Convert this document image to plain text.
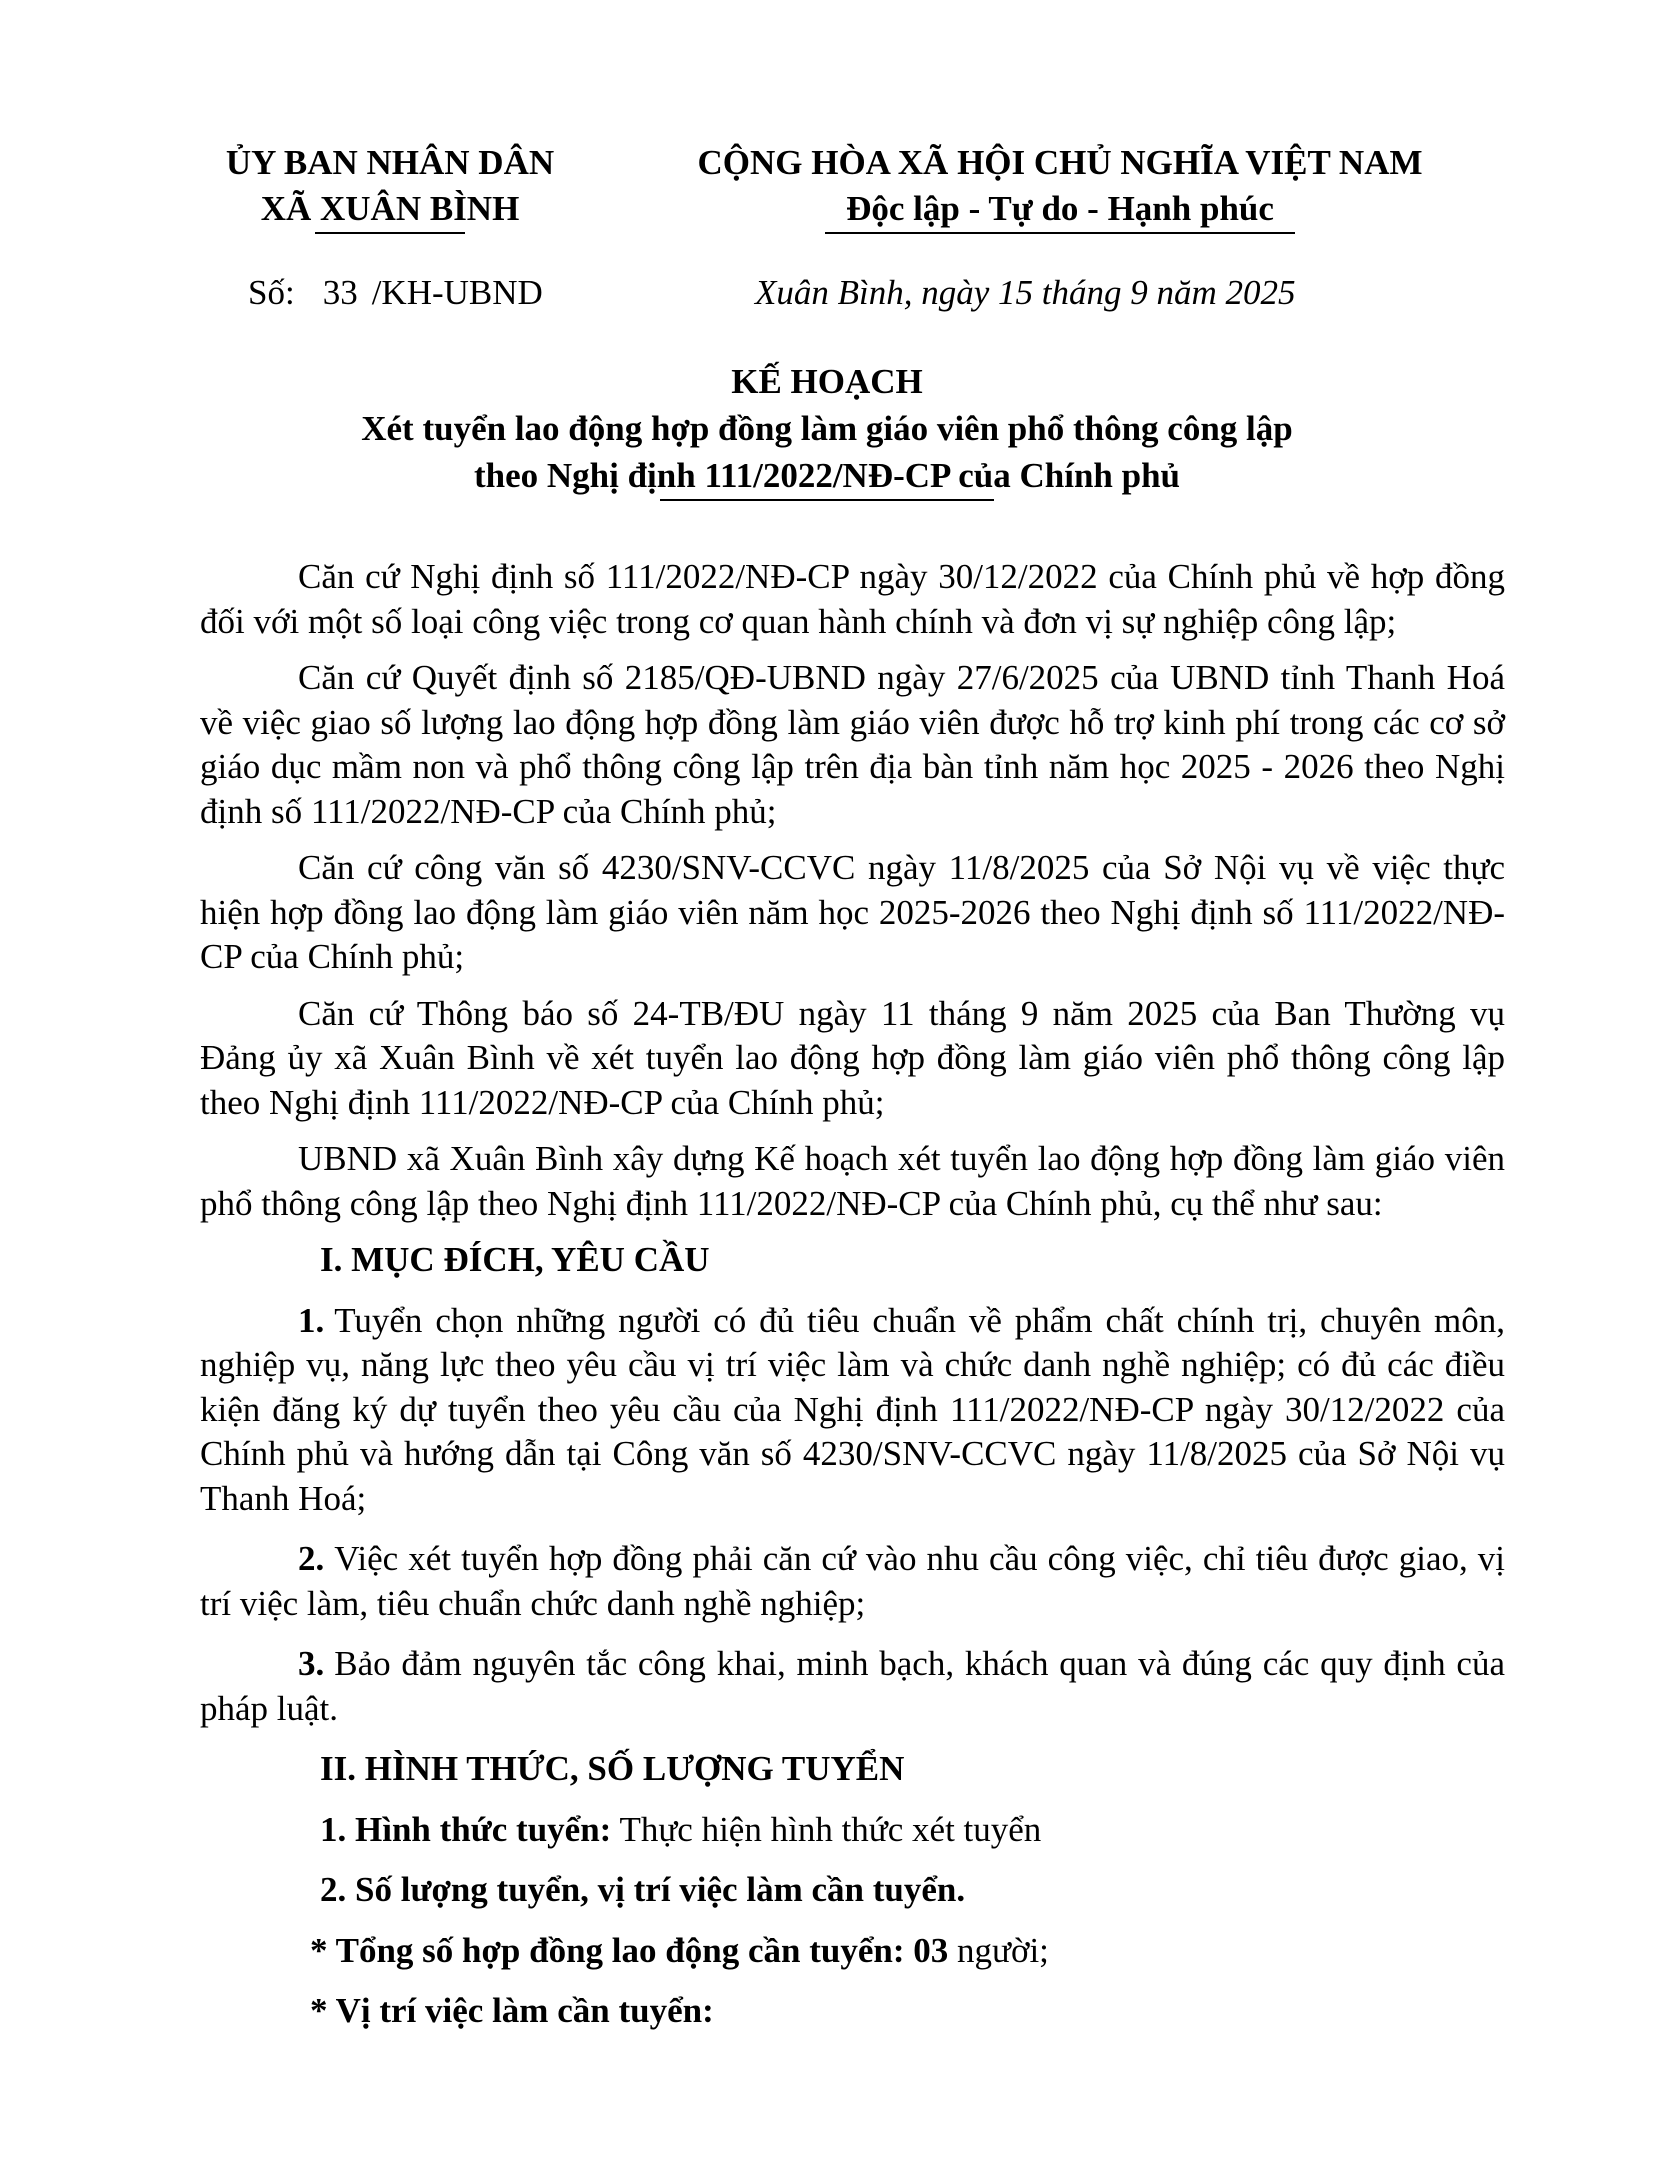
ỦY BAN NHÂN DÂN
XÃ XUÂN BÌNH
CỘNG HÒA XÃ HỘI CHỦ NGHĨA VIỆT NAM
Độc lập - Tự do - Hạnh phúc
Số: 33 /KH-UBND	Xuân Bình, ngày 15 tháng 9 năm 2025
KẾ HOẠCH
Xét tuyển lao động hợp đồng làm giáo viên phổ thông công lập
theo Nghị định 111/2022/NĐ-CP của Chính phủ

Căn cứ Nghị định số 111/2022/NĐ-CP ngày 30/12/2022 của Chính phủ về hợp đồng đối với một số loại công việc trong cơ quan hành chính và đơn vị sự nghiệp công lập;

Căn cứ Quyết định số 2185/QĐ-UBND ngày 27/6/2025 của UBND tỉnh Thanh Hoá về việc giao số lượng lao động hợp đồng làm giáo viên được hỗ trợ kinh phí trong các cơ sở giáo dục mầm non và phổ thông công lập trên địa bàn tỉnh năm học 2025 - 2026 theo Nghị định số 111/2022/NĐ-CP của Chính phủ;

Căn cứ công văn số 4230/SNV-CCVC ngày 11/8/2025 của Sở Nội vụ về việc thực hiện hợp đồng lao động làm giáo viên năm học 2025-2026 theo Nghị định số 111/2022/NĐ-CP của Chính phủ;

Căn cứ Thông báo số 24-TB/ĐU ngày 11 tháng 9 năm 2025 của Ban Thường vụ Đảng ủy xã Xuân Bình về xét tuyển lao động hợp đồng làm giáo viên phổ thông công lập theo Nghị định 111/2022/NĐ-CP của Chính phủ;

UBND xã Xuân Bình xây dựng Kế hoạch xét tuyển lao động hợp đồng làm giáo viên phổ thông công lập theo Nghị định 111/2022/NĐ-CP của Chính phủ, cụ thể như sau:

I. MỤC ĐÍCH, YÊU CẦU

1. Tuyển chọn những người có đủ tiêu chuẩn về phẩm chất chính trị, chuyên môn, nghiệp vụ, năng lực theo yêu cầu vị trí việc làm và chức danh nghề nghiệp; có đủ các điều kiện đăng ký dự tuyển theo yêu cầu của Nghị định 111/2022/NĐ-CP ngày 30/12/2022 của Chính phủ và hướng dẫn tại Công văn số 4230/SNV-CCVC ngày 11/8/2025 của Sở Nội vụ Thanh Hoá;

2. Việc xét tuyển hợp đồng phải căn cứ vào nhu cầu công việc, chỉ tiêu được giao, vị trí việc làm, tiêu chuẩn chức danh nghề nghiệp;

3. Bảo đảm nguyên tắc công khai, minh bạch, khách quan và đúng các quy định của pháp luật.

II. HÌNH THỨC, SỐ LƯỢNG TUYỂN
1. Hình thức tuyển: Thực hiện hình thức xét tuyển
2. Số lượng tuyển, vị trí việc làm cần tuyển.
* Tổng số hợp đồng lao động cần tuyển: 03 người;
* Vị trí việc làm cần tuyển:
